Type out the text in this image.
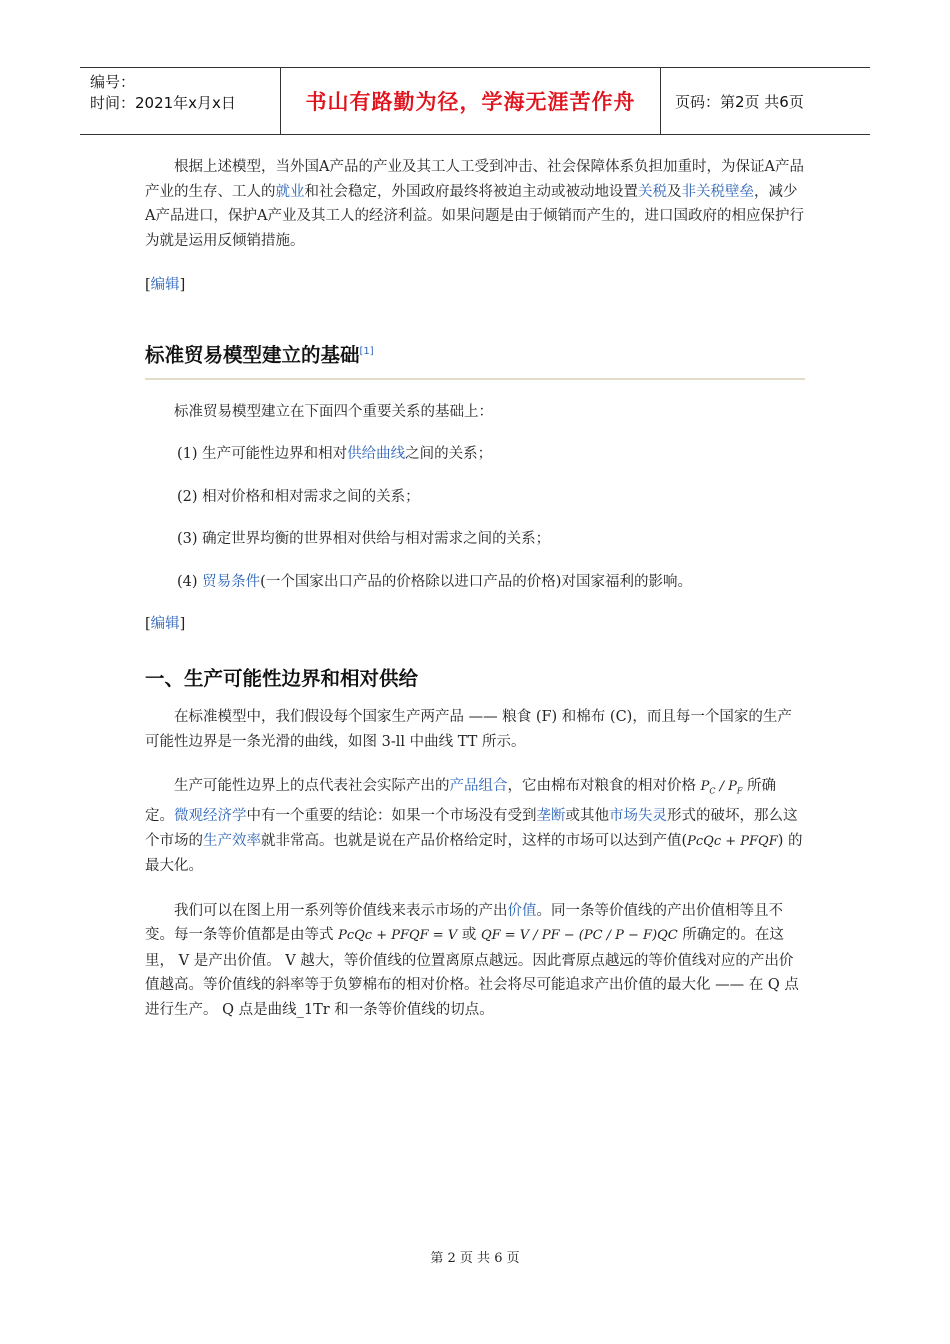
编号：
时间：2021年x月x日	书山有路勤为径，学海无涯苦作舟	页码：第2页 共6页

根据上述模型，当外国A产品的产业及其工人工受到冲击、社会保障体系负担加重时，为保证A产品产业的生存、工人的就业和社会稳定，外国政府最终将被迫主动或被动地设置关税及非关税壁垒，减少A产品进口，保护A产业及其工人的经济利益。如果问题是由于倾销而产生的，进口国政府的相应保护行为就是运用反倾销措施。

[编辑]

标准贸易模型建立的基础[1]

标准贸易模型建立在下面四个重要关系的基础上：

(1) 生产可能性边界和相对供给曲线之间的关系；

(2) 相对价格和相对需求之间的关系；

(3) 确定世界均衡的世界相对供给与相对需求之间的关系；

(4) 贸易条件(一个国家出口产品的价格除以进口产品的价格)对国家福利的影响。

[编辑]

一、生产可能性边界和相对供给

在标准模型中，我们假设每个国家生产两产品 —— 粮食 (F) 和棉布 (C)，而且每一个国家的生产可能性边界是一条光滑的曲线，如图 3-ll 中曲线 TT 所示。

生产可能性边界上的点代表社会实际产出的产品组合，它由棉布对粮食的相对价格 $P_C / P_F$ 所确定。微观经济学中有一个重要的结论：如果一个市场没有受到垄断或其他市场失灵形式的破坏，那么这个市场的生产效率就非常高。也就是说在产品价格给定时，这样的市场可以达到产值(PcQc + PFQF) 的最大化。

我们可以在图上用一系列等价值线来表示市场的产出价值。同一条等价值线的产出价值相等且不变。每一条等价值都是由等式 PcQc + PFQF = V 或 QF = V / PF − (PC / P − F)QC 所确定的。在这里， V 是产出价值。 V 越大，等价值线的位置离原点越远。因此膏原点越远的等价值线对应的产出价值越高。等价值线的斜率等于负箩棉布的相对价格。社会将尽可能追求产出价值的最大化 —— 在 Q 点进行生产。 Q 点是曲线_1Tr 和一条等价值线的切点。

第 2 页 共 6 页
